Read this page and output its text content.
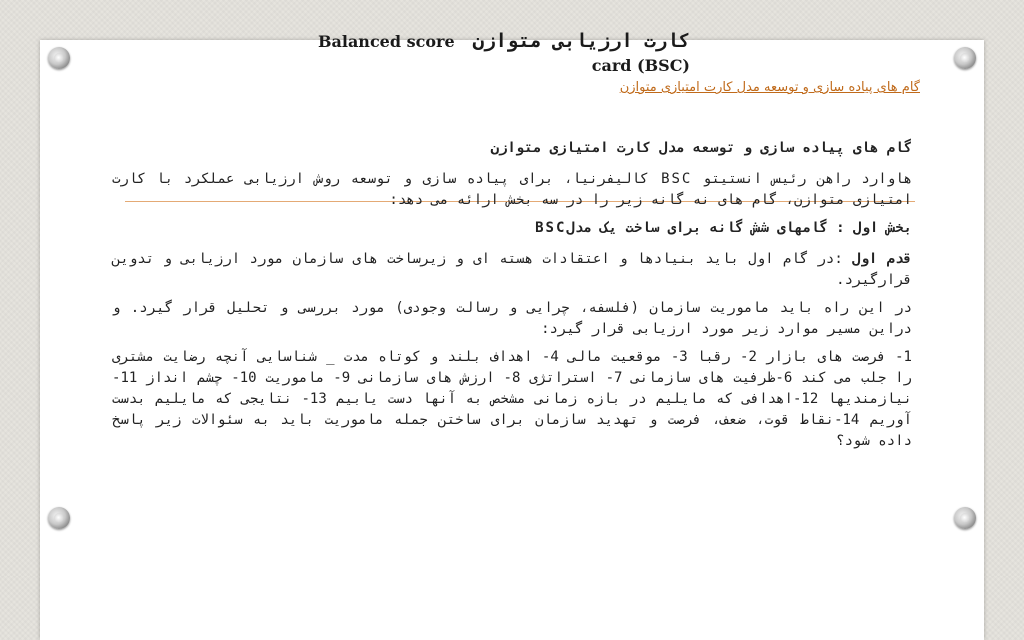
Balanced score کارت ارزیابی متوازن
card (BSC)
گام های پیاده سازی و توسعه مدل کارت امتیازی متوازن

گام های پیاده سازی و توسعه مدل کارت امتیازی متوازن

هاوارد راهن رئیس انستیتو BSC کالیفرنیا، برای پیاده سازی و توسعه روش ارزیابی عملکرد با کارت امتیازی متوازن، گام های نه گانه زیر را در سه بخش ارائه می دهد:

بخش اول : گامهای شش گانه برای ساخت یک مدلBSC

قدم اول :در گام اول باید بنیادها و اعتقادات هسته ای و زیرساخت های سازمان مورد ارزیابی و تدوین قرارگیرد.

در این راه باید ماموریت سازمان (فلسفه، چرایی و رسالت وجودی) مورد بررسی و تحلیل قرار گیرد. و دراین مسیر موارد زیر مورد ارزیابی قرار گیرد:

1- فرصت های بازار 2- رقبا 3- موقعیت مالی 4- اهداف بلند و کوتاه مدت _ شناسایی آنچه رضایت مشتری را جلب می کند 6-ظرفیت های سازمانی 7- استراتژی 8- ارزش های سازمانی 9- ماموریت 10- چشم انداز 11- نیازمندیها 12-اهدافی که مایلیم در بازه زمانی مشخص به آنها دست یابیم 13- نتایجی که مایلیم بدست آوریم 14-نقاط قوت، ضعف، فرصت و تهدید سازمان برای ساختن جمله ماموریت باید به سئوالات زیر پاسخ داده شود؟
